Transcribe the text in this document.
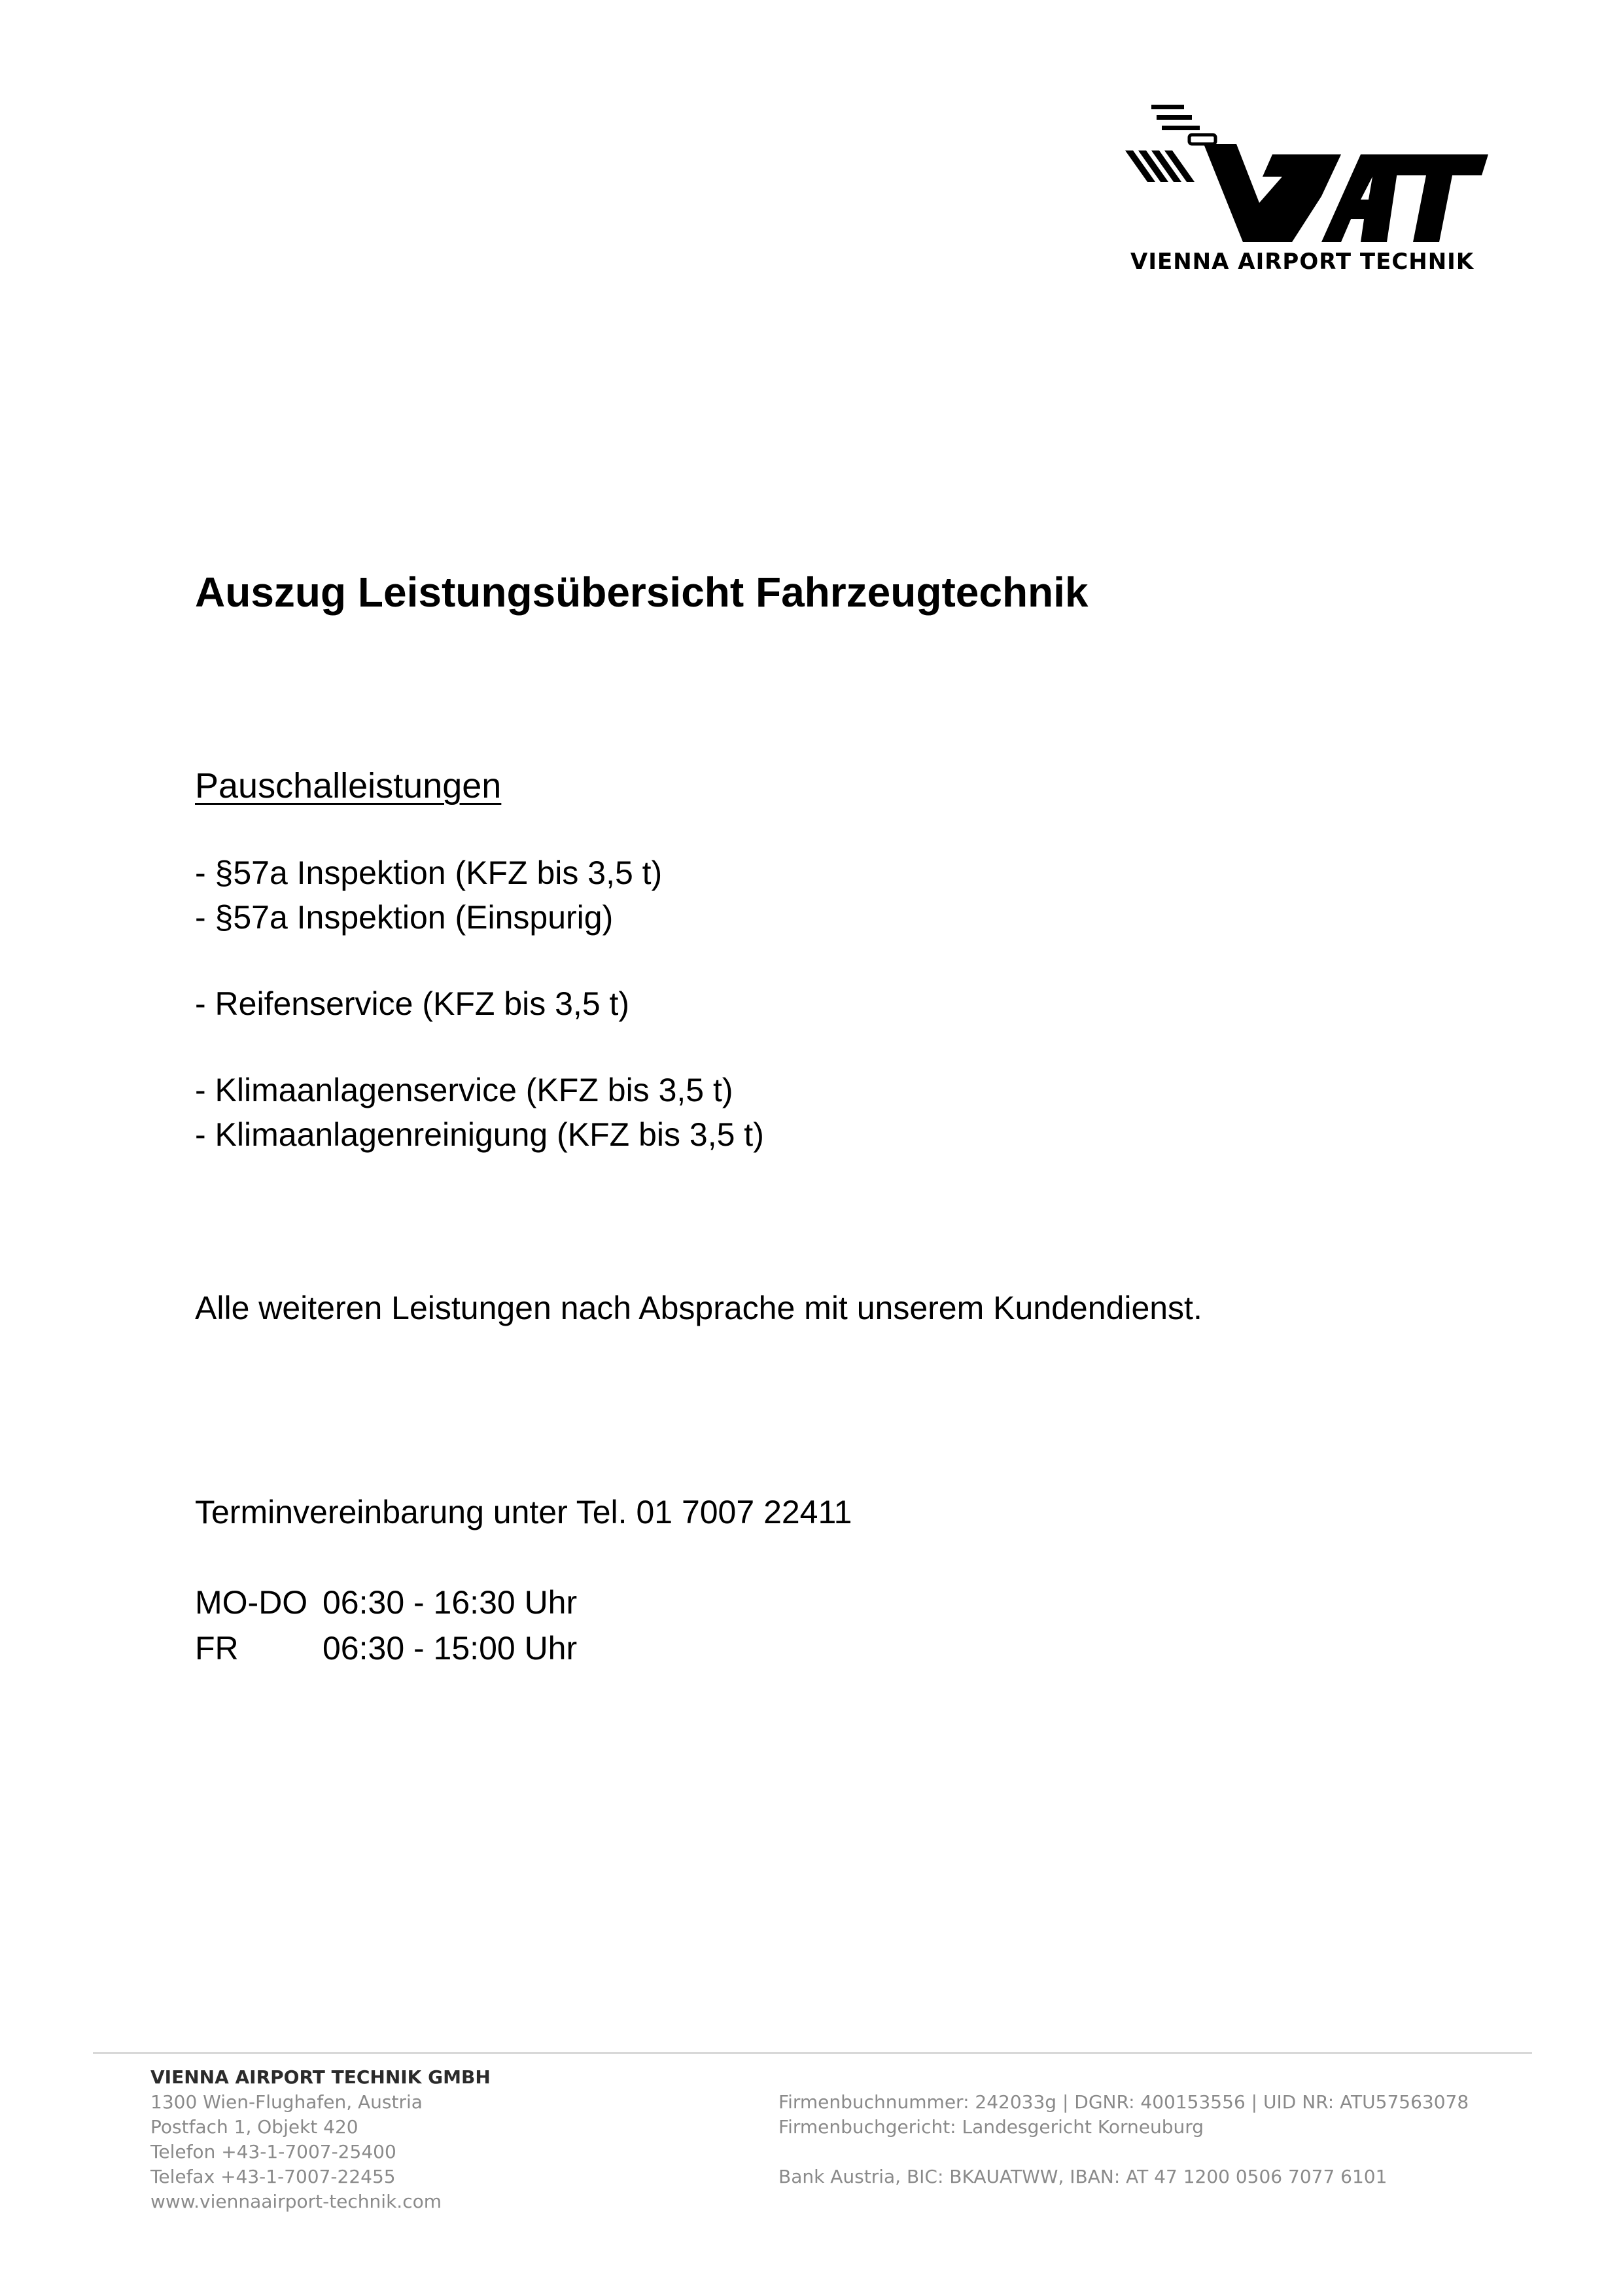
VIENNA AIRPORT TECHNIK
Auszug Leistungsübersicht Fahrzeugtechnik
Pauschalleistungen
- §57a Inspektion (KFZ bis 3,5 t)
- §57a Inspektion (Einspurig)
- Reifenservice (KFZ bis 3,5 t)
- Klimaanlagenservice (KFZ bis 3,5 t)
- Klimaanlagenreinigung (KFZ bis 3,5 t)
Alle weiteren Leistungen nach Absprache mit unserem Kundendienst.
Terminvereinbarung unter Tel. 01 7007 22411
MO-DO 06:30 - 16:30 Uhr
FR	06:30 - 15:00 Uhr
VIENNA AIRPORT TECHNIK GMBH
1300 Wien-Flughafen, Austria
Postfach 1, Objekt 420
Telefon +43-1-7007-25400
Telefax +43-1-7007-22455
www.viennaairport-technik.com
Firmenbuchnummer: 242033g | DGNR: 400153556 | UID NR: ATU57563078
Firmenbuchgericht: Landesgericht Korneuburg
Bank Austria, BIC: BKAUATWW, IBAN: AT 47 1200 0506 7077 6101
